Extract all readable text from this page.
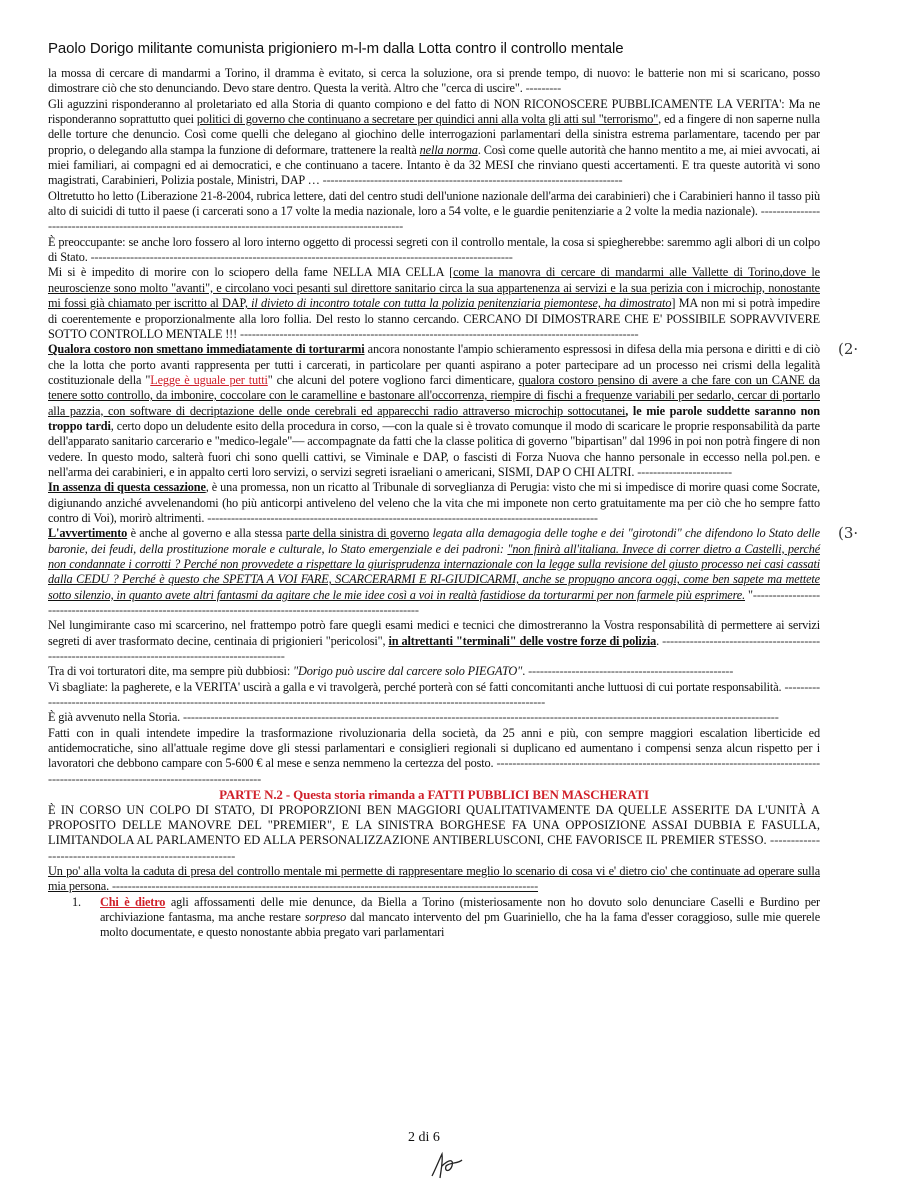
Paolo Dorigo militante comunista prigioniero m-l-m dalla Lotta contro il controllo mentale

la mossa di cercare di mandarmi a Torino, il dramma è evitato, si cerca la soluzione, ora si prende tempo, di nuovo: le batterie non mi si scaricano, posso dimostrare ciò che sto denunciando. Devo stare dentro. Questa la verità. Altro che "cerca di uscire". ---------

Gli aguzzini risponderanno al proletariato ed alla Storia di quanto compiono e del fatto di NON RICONOSCERE PUBBLICAMENTE LA VERITA': Ma ne risponderanno soprattutto quei politici di governo che continuano a secretare per quindici anni alla volta gli atti sul "terrorismo", ed a fingere di non saperne nulla delle torture che denuncio. Così come quelli che delegano al giochino delle interrogazioni parlamentari della sinistra estrema parlamentare, tacendo per par proprio, o delegando alla stampa la funzione di deformare, trattenere la realtà nella norma. Così come quelle autorità che hanno mentito a me, ai miei avvocati, ai miei familiari, ai compagni ed ai democratici, e che continuano a tacere. Intanto è da 32 MESI che rinviano questi accertamenti. E tra queste autorità vi sono magistrati, Carabinieri, Polizia postale, Ministri, DAP … ----------------------------------------------------------------------------

Oltretutto ho letto (Liberazione 21-8-2004, rubrica lettere, dati del centro studi dell'unione nazionale dell'arma dei carabinieri) che i Carabinieri hanno il tasso più alto di suicidi di tutto il paese (i carcerati sono a 17 volte la media nazionale, loro a 54 volte, e le guardie penitenziarie a 2 volte la media nazionale). ---------------------------------------------------------------------------------------------------------

È preoccupante: se anche loro fossero al loro interno oggetto di processi segreti con il controllo mentale, la cosa si spiegherebbe: saremmo agli albori di un colpo di Stato. -----------------------------------------------------------------------------------------------------------

Mi si è impedito di morire con lo sciopero della fame NELLA MIA CELLA [come la manovra di cercare di mandarmi alle Vallette di Torino,dove le neuroscienze sono molto "avanti", e circolano voci pesanti sul direttore sanitario circa la sua appartenenza ai servizi e la sua perizia con i microchip, nonostante mi fossi già chiamato per iscritto al DAP, il divieto di incontro totale con tutta la polizia penitenziaria piemontese, ha dimostrato] MA non mi si potrà impedire di coerentemente e proporzionalmente alla loro follia. Del resto lo stanno cercando. CERCANO DI DIMOSTRARE CHE E' POSSIBILE SOPRAVVIVERE SOTTO CONTROLLO MENTALE !!! -----------------------------------------------------------------------------------------------------

Qualora costoro non smettano immediatamente di torturarmi ancora nonostante l'ampio schieramento espressosi in difesa della mia persona e diritti e di ciò che la lotta che porto avanti rappresenta per tutti i carcerati, in particolare per quanti aspirano a poter partecipare ad un processo nei crismi della legalità costituzionale della "Legge è uguale per tutti" che alcuni del potere vogliono farci dimenticare, qualora costoro pensino di avere a che fare con un CANE da tenere sotto controllo, da imbonire, coccolare con le caramelline e bastonare all'occorrenza, riempire di fischi a frequenze variabili per sedarlo, cercar di portarlo alla pazzia, con software di decriptazione delle onde cerebrali ed apparecchi radio attraverso microchip sottocutanei, le mie parole suddette saranno non troppo tardi, certo dopo un deludente esito della procedura in corso, —con la quale si è trovato comunque il modo di scaricare le proprie responsabilità da parte dell'apparato sanitario carcerario e "medico-legale"— accompagnate da fatti che la classe politica di governo "bipartisan" dal 1996 in poi non potrà fingere di non vedere. In questo modo, salterà fuori chi sono quelli cattivi, se Viminale e DAP, o fascisti di Forza Nuova che hanno personale in eccesso nella pol.pen. e nell'arma dei carabinieri, e in appalto certi loro servizi, o servizi segreti israeliani o americani, SISMI, DAP O CHI ALTRI. ------------------------

In assenza di questa cessazione, è una promessa, non un ricatto al Tribunale di sorveglianza di Perugia: visto che mi si impedisce di morire quasi come Socrate, digiunando anziché avvelenandomi (ho più anticorpi antiveleno del veleno che la vita che mi imponete non certo gratuitamente ma per ciò che ho sempre fatto contro di Voi), morirò altrimenti. ---------------------------------------------------------------------------------------------------

L'avvertimento è anche al governo e alla stessa parte della sinistra di governo legata alla demagogia delle toghe e dei "girotondi" che difendono lo Stato delle baronie, dei feudi, della prostituzione morale e culturale, lo Stato emergenziale e dei padroni: "non finirà all'italiana. Invece di correr dietro a Castelli, perché non condannate i corrotti ? Perché non provvedete a rispettare la giurisprudenza internazionale con la legge sulla revisione del giusto processo nei casi cassati dalla CEDU ? Perché è questo che SPETTA A VOI FARE, SCARCERARMI E RI-GIUDICARMI, anche se propugno ancora oggi, come ben sapete ma mettete sotto silenzio, in quanto avete altri fantasmi da agitare che le mie idee così a voi in realtà fastidiose da torturarmi per non farmele più esprimere. "---------------------------------------------------------------------------------------------------------------

Nel lungimirante caso mi scarcerino, nel frattempo potrò fare quegli esami medici e tecnici che dimostreranno la Vostra responsabilità di permettere ai servizi segreti di aver trasformato decine, centinaia di prigionieri "pericolosi", in altrettanti "terminali" delle vostre forze di polizia. ----------------------------------------------------------------------------------------------------

Tra di voi torturatori dite, ma sempre più dubbiosi: "Dorigo può uscire dal carcere solo PIEGATO". ----------------------------------------------------

Vi sbagliate: la pagherete, e la VERITA' uscirà a galla e vi travolgerà, perché porterà con sé fatti concomitanti anche luttuosi di cui portate responsabilità. ---------------------------------------------------------------------------------------------------------------------------------------

È già avvenuto nella Storia. -------------------------------------------------------------------------------------------------------------------------------------------------------

Fatti con in quali intendete impedire la trasformazione rivoluzionaria della società, da 25 anni e più, con sempre maggiori escalation liberticide ed antidemocratiche, sino all'attuale regime dove gli stessi parlamentari e consiglieri regionali si duplicano ed aumentano i compensi senza alcun rispetto per i lavoratori che debbono campare con 5-600 € al mese e senza nemmeno la certezza del posto. ----------------------------------------------------------------------------------------------------------------------------------------

PARTE N.2 - Questa storia rimanda a FATTI PUBBLICI BEN MASCHERATI

È IN CORSO UN COLPO DI STATO, DI PROPORZIONI BEN MAGGIORI QUALITATIVAMENTE DA QUELLE ASSERITE DA L'UNITÀ A PROPOSITO DELLE MANOVRE DEL "PREMIER", E LA SINISTRA BORGHESE FA UNA OPPOSIZIONE ASSAI DUBBIA E FASULLA, LIMITANDOLA AL PARLAMENTO ED ALLA PERSONALIZZAZIONE ANTIBERLUSCONI, CHE FAVORISCE IL PREMIER STESSO. ---------------------------------------------------------

Un po' alla volta la caduta di presa del controllo mentale mi permette di rappresentare meglio lo scenario di cosa vi e' dietro cio' che continuate ad operare sulla mia persona. ------------------------------------------------------------------------------------------------------------

1.	Chi è dietro agli affossamenti delle mie denunce, da Biella a Torino (misteriosamente non ho dovuto solo denunciare Caselli e Burdino per archiviazione fantasma, ma anche restare sorpreso dal mancato intervento del pm Guariniello, che ha la fama d'esser coraggioso, sulle mie querele molto documentate, e questo nonostante abbia pregato vari parlamentari
(2·
(3·
2 di 6
